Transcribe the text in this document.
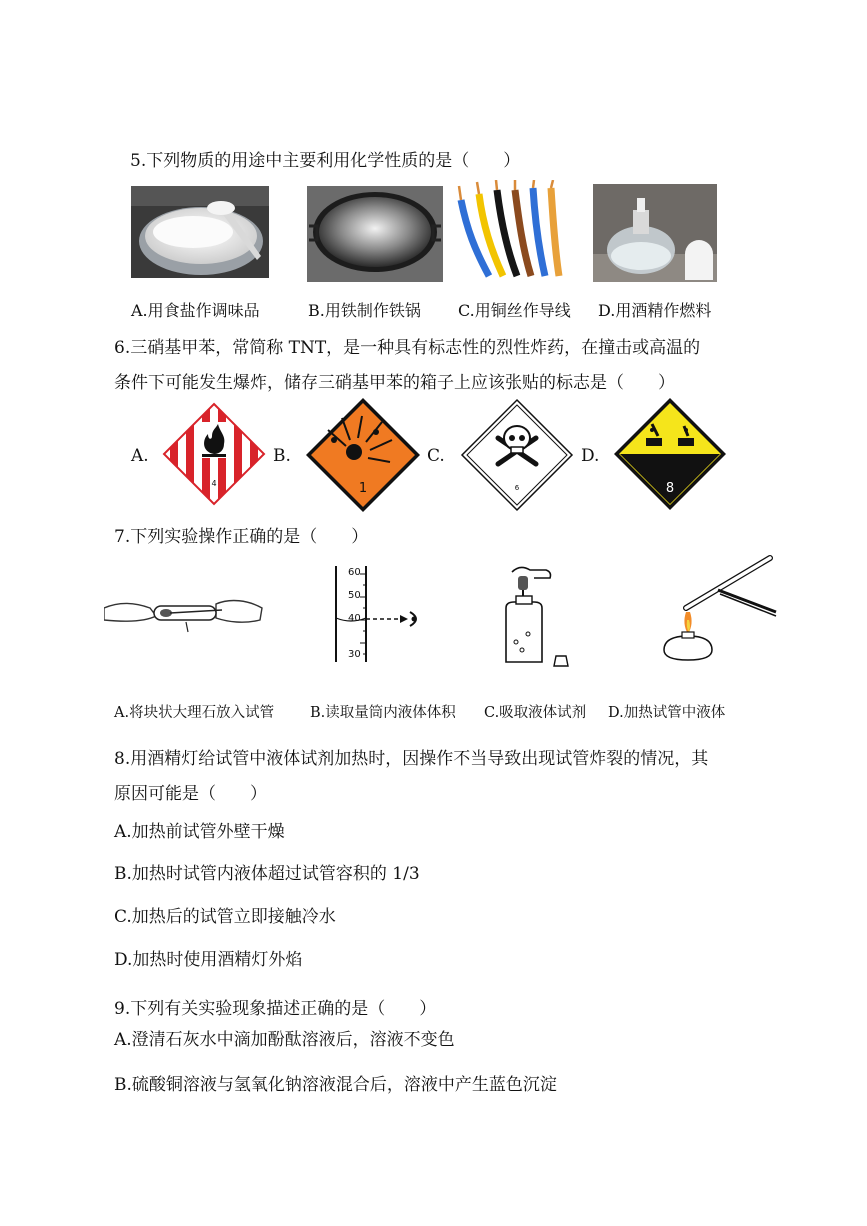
5.下列物质的用途中主要利用化学性质的是（　　）
A.用食盐作调味品	B.用铁制作铁锅 C.用铜丝作导线 D.用酒精作燃料
6.三硝基甲苯，常简称 TNT，是一种具有标志性的烈性炸药，在撞击或高温的
条件下可能发生爆炸，储存三硝基甲苯的箱子上应该张贴的标志是（　　）
A.
4
B.
1
C.
6
D.
8
7.下列实验操作正确的是（　　）
60
50
40
30
A.将块状大理石放入试管 B.读取量筒内液体体积 C.吸取液体试剂 D.加热试管中液体
8.用酒精灯给试管中液体试剂加热时，因操作不当导致出现试管炸裂的情况，其
原因可能是（　　）
A.加热前试管外壁干燥
B.加热时试管内液体超过试管容积的 1/3
C.加热后的试管立即接触冷水
D.加热时使用酒精灯外焰
9.下列有关实验现象描述正确的是（　　）
A.澄清石灰水中滴加酚酞溶液后，溶液不变色
B.硫酸铜溶液与氢氧化钠溶液混合后，溶液中产生蓝色沉淀
